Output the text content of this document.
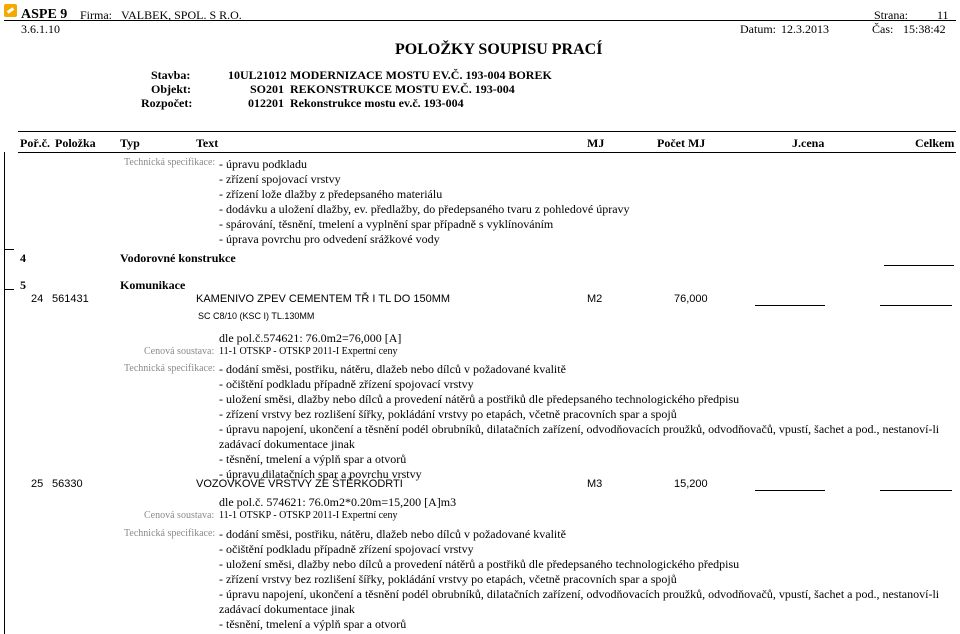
ASPE 9
3.6.1.10
Firma: VALBEK, SPOL. S R.O.	Strana: 11
Datum: 12.3.2013	Čas: 15:38:42
POLOŽKY SOUPISU PRACÍ
Stavba:	10UL21012 MODERNIZACE MOSTU EV.Č. 193-004 BOREK
Objekt:	SO201 REKONSTRUKCE MOSTU EV.Č. 193-004
Rozpočet:	012201 Rekonstrukce mostu ev.č. 193-004
Poř.č. Položka Typ	Text	MJ	Počet MJ	J.cena	Celkem
Technická specifikace: - úpravu podkladu
- zřízení spojovací vrstvy
- zřízení lože dlažby z předepsaného materiálu
- dodávku a uložení dlažby, ev. předlažby, do předepsaného tvaru z pohledové úpravy
- spárování, těsnění, tmelení a vyplnění spar případně s vyklínováním
- úprava povrchu pro odvedení srážkové vody
4	Vodorovné konstrukce
5	Komunikace
24 561431	KAMENIVO ZPEV CEMENTEM TŘ I TL DO 150MM	M2	76,000
SC C8/10 (KSC I) TL.130MM
dle pol.č.574621: 76.0m2=76,000 [A]
Cenová soustava: 11-1 OTSKP - OTSKP 2011-I Expertní ceny
Technická specifikace: - dodání směsi, postřiku, nátěru, dlažeb nebo dílců v požadované kvalitě
- očištění podkladu případně zřízení spojovací vrstvy
- uložení směsi, dlažby nebo dílců a provedení nátěrů a postřiků dle předepsaného technologického předpisu
- zřízení vrstvy bez rozlišení šířky, pokládání vrstvy po etapách, včetně pracovních spar a spojů
- úpravu napojení, ukončení a těsnění podél obrubníků, dilatačních zařízení, odvodňovacích proužků, odvodňovačů, vpustí, šachet a pod., nestanoví-li
zadávací dokumentace jinak
- těsnění, tmelení a výplň spar a otvorů
- úpravu dilatačních spar a povrchu vrstvy
25 56330	VOZOVKOVÉ VRSTVY ZE ŠTĚRKODRTI	M3	15,200
dle pol.č. 574621: 76.0m2*0.20m=15,200 [A]m3
Cenová soustava: 11-1 OTSKP - OTSKP 2011-I Expertní ceny
Technická specifikace: - dodání směsi, postřiku, nátěru, dlažeb nebo dílců v požadované kvalitě
- očištění podkladu případně zřízení spojovací vrstvy
- uložení směsi, dlažby nebo dílců a provedení nátěrů a postřiků dle předepsaného technologického předpisu
- zřízení vrstvy bez rozlišení šířky, pokládání vrstvy po etapách, včetně pracovních spar a spojů
- úpravu napojení, ukončení a těsnění podél obrubníků, dilatačních zařízení, odvodňovacích proužků, odvodňovačů, vpustí, šachet a pod., nestanoví-li
zadávací dokumentace jinak
- těsnění, tmelení a výplň spar a otvorů
